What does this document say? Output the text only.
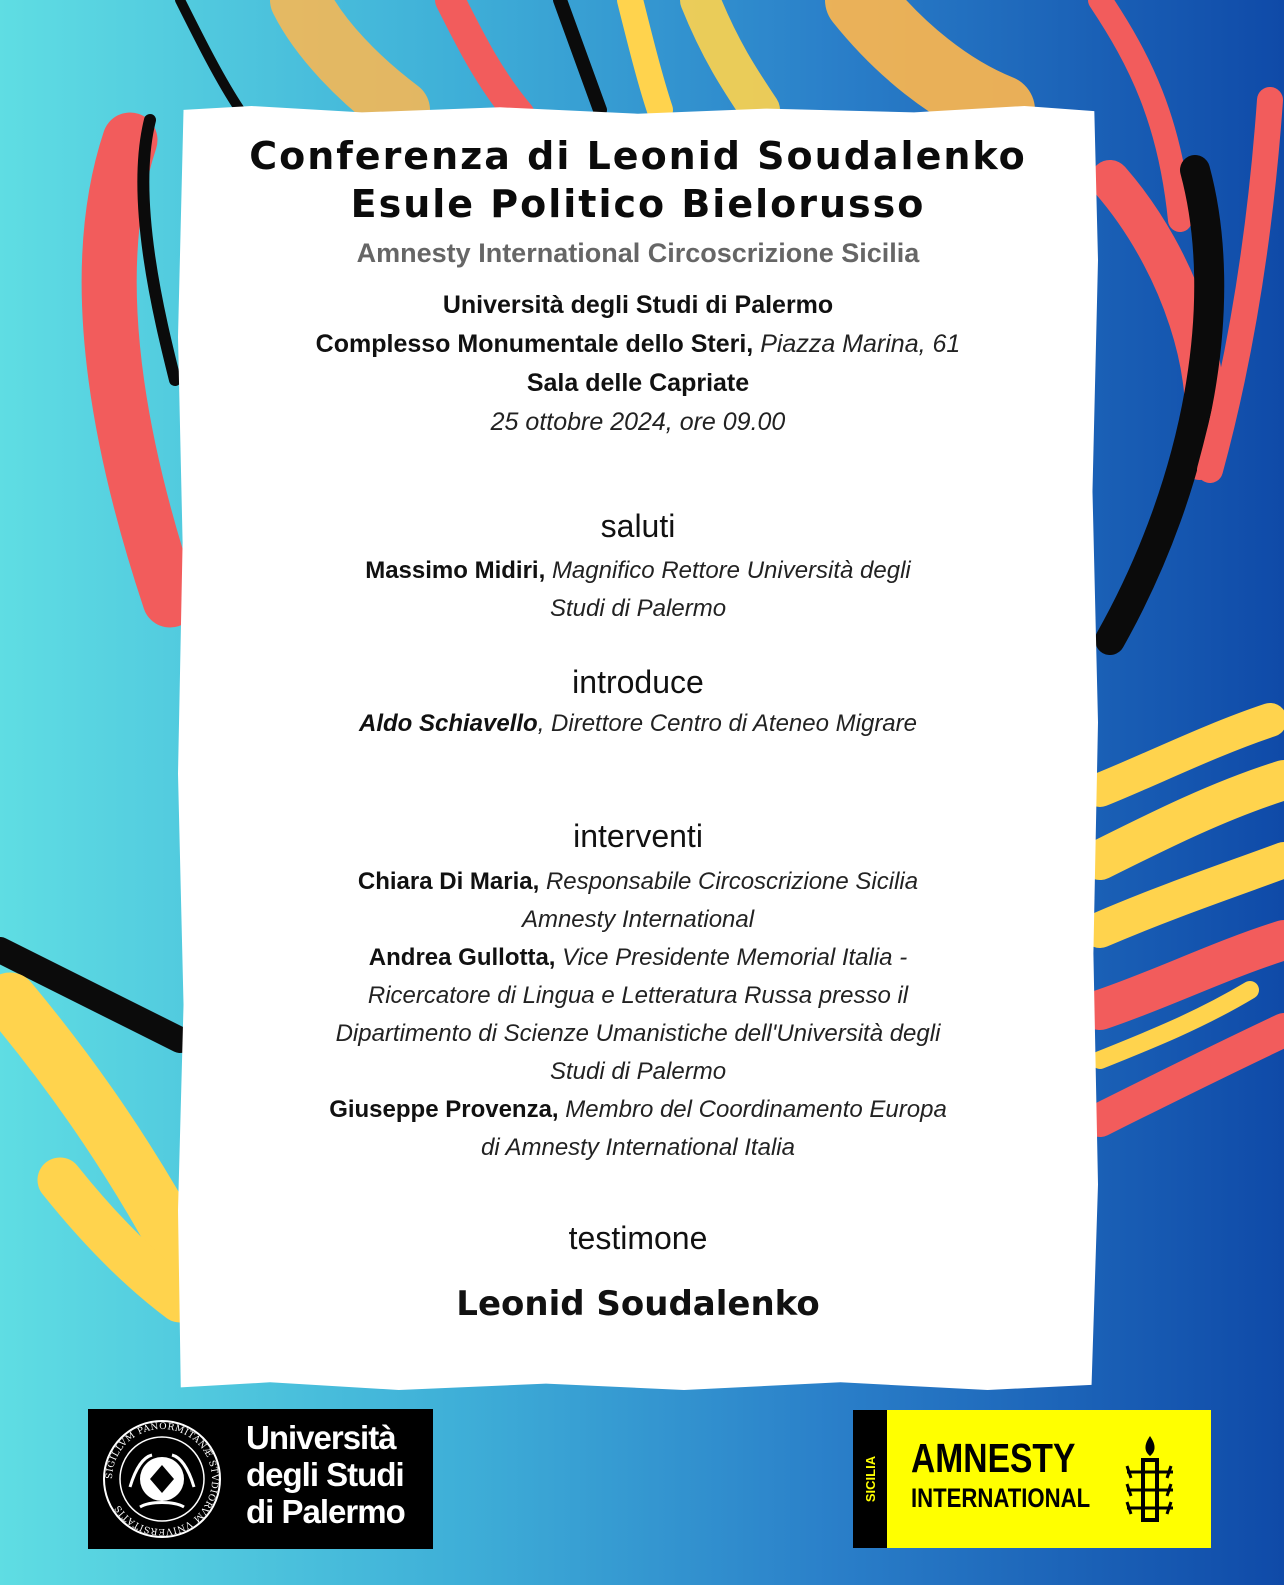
Conferenza di Leonid Soudalenko
Esule Politico Bielorusso
Amnesty International Circoscrizione Sicilia
Università degli Studi di Palermo
Complesso Monumentale dello Steri, Piazza Marina, 61
Sala delle Capriate
25 ottobre 2024, ore 09.00
saluti
Massimo Midiri, Magnifico Rettore Università degli
Studi di Palermo
introduce
Aldo Schiavello, Direttore Centro di Ateneo Migrare
interventi
Chiara Di Maria, Responsabile Circoscrizione Sicilia
Amnesty International
Andrea Gullotta, Vice Presidente Memorial Italia -
Ricercatore di Lingua e Letteratura Russa presso il
Dipartimento di Scienze Umanistiche dell'Università degli
Studi di Palermo
Giuseppe Provenza, Membro del Coordinamento Europa
di Amnesty International Italia
testimone
Leonid Soudalenko
SIGILLVM PANORMITANÆ STVDIORVM VNIVERSITATIS
Università
degli Studi
di Palermo
SICILIA AMNESTY
INTERNATIONAL
